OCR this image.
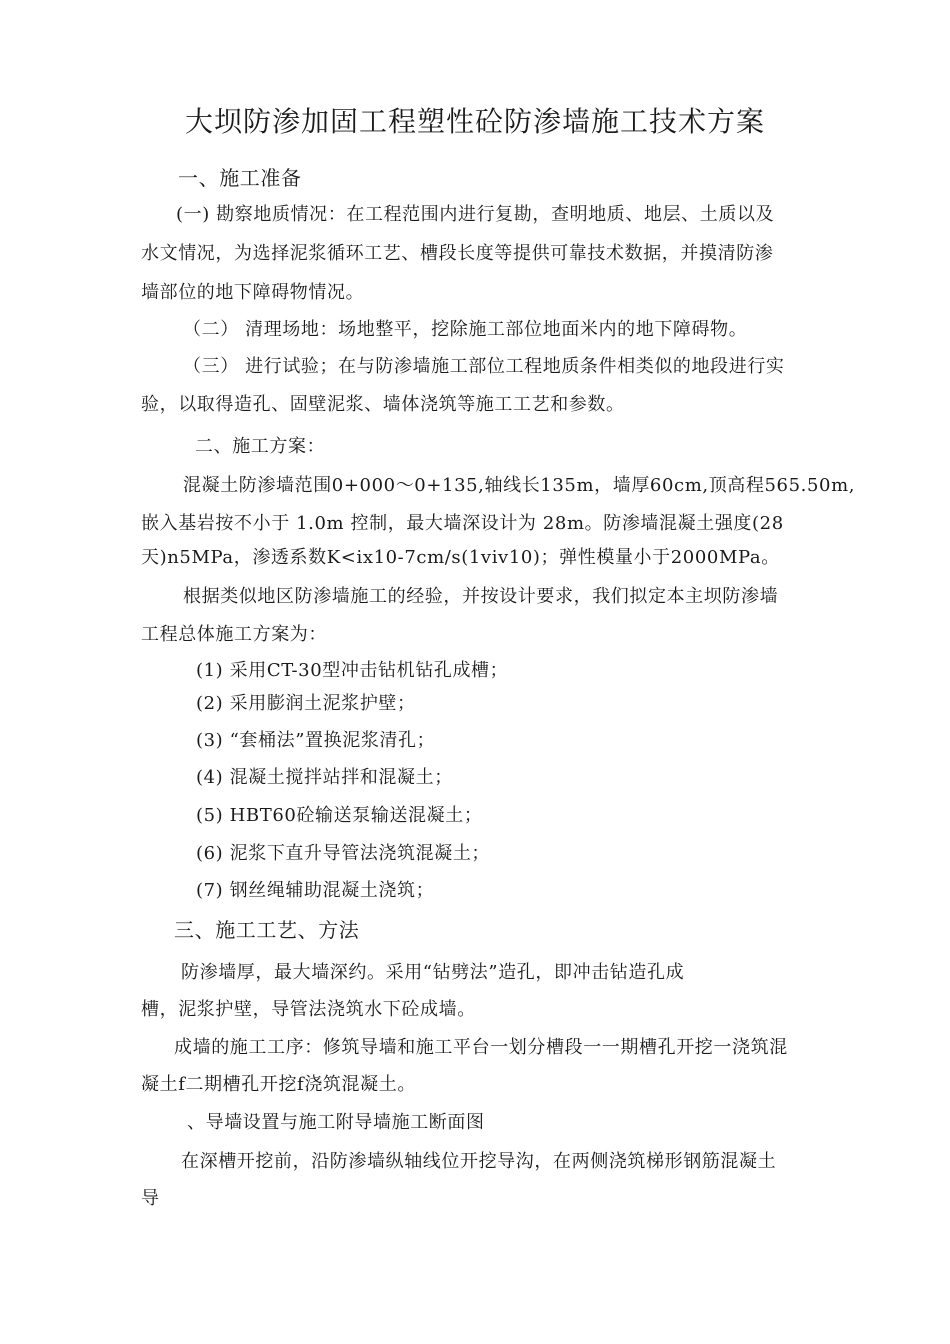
大坝防渗加固工程塑性砼防渗墙施工技术方案
一、施工准备
(一) 勘察地质情况：在工程范围内进行复勘，查明地质、地层、土质以及
水文情况，为选择泥浆循环工艺、槽段长度等提供可靠技术数据，并摸清防渗
墙部位的地下障碍物情况。
（二） 清理场地：场地整平，挖除施工部位地面米内的地下障碍物。
（三） 进行试验；在与防渗墙施工部位工程地质条件相类似的地段进行实
验，以取得造孔、固壁泥浆、墙体浇筑等施工工艺和参数。
二、施工方案：
混凝土防渗墙范围0+000～0+135,轴线长135m，墙厚60cm,顶高程565.50m,
嵌入基岩按不小于 1.0m 控制，最大墙深设计为 28m。防渗墙混凝土强度(28
天)n5MPa，渗透系数K<ix10-7cm/s(1viv10)；弹性模量小于2000MPa。
根据类似地区防渗墙施工的经验，并按设计要求，我们拟定本主坝防渗墙
工程总体施工方案为：
(1) 采用CT-30型冲击钻机钻孔成槽；
(2) 采用膨润土泥浆护壁；
(3) “套桶法”置换泥浆清孔；
(4) 混凝土搅拌站拌和混凝土；
(5) HBT60砼输送泵输送混凝土；
(6) 泥浆下直升导管法浇筑混凝土；
(7) 钢丝绳辅助混凝土浇筑；
三、施工工艺、方法
防渗墙厚，最大墙深约。采用“钻劈法”造孔，即冲击钻造孔成
槽，泥浆护壁，导管法浇筑水下砼成墙。
成墙的施工工序：修筑导墙和施工平台一划分槽段一一期槽孔开挖一浇筑混
凝土f二期槽孔开挖f浇筑混凝土。
、导墙设置与施工附导墙施工断面图
在深槽开挖前，沿防渗墙纵轴线位开挖导沟，在两侧浇筑梯形钢筋混凝土
导
